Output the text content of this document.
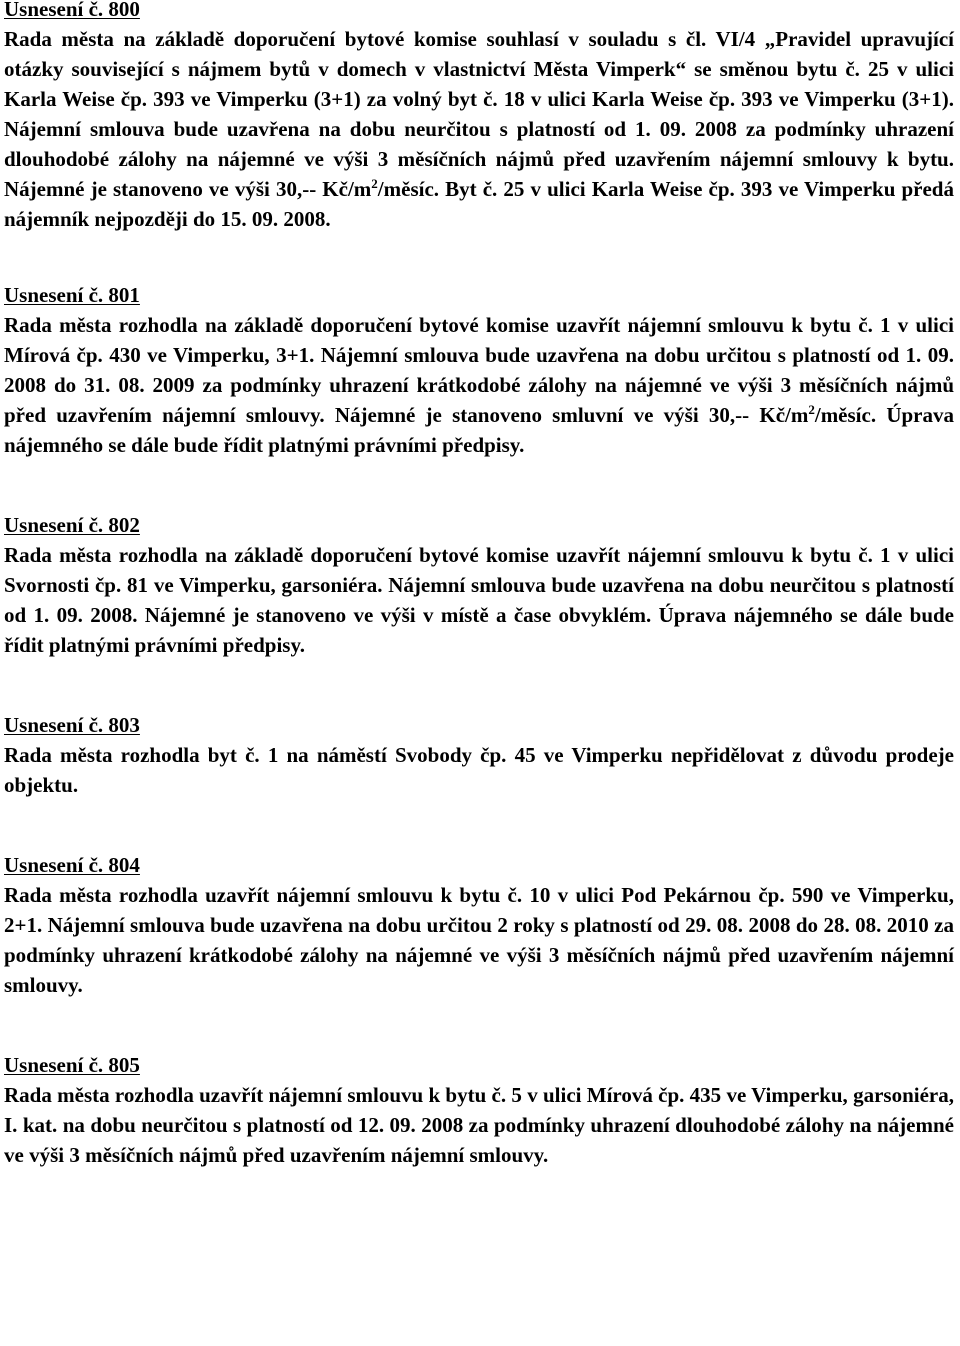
Usnesení č. 800

Rada města na základě doporučení bytové komise souhlasí v souladu s čl. VI/4 „Pravidel upravující otázky související s nájmem bytů v domech v vlastnictví Města Vimperk“ se směnou bytu č. 25 v ulici Karla Weise čp. 393 ve Vimperku (3+1) za volný byt č. 18 v ulici Karla Weise čp. 393 ve Vimperku (3+1). Nájemní smlouva bude uzavřena na dobu neurčitou s platností od 1. 09. 2008 za podmínky uhrazení dlouhodobé zálohy na nájemné ve výši 3 měsíčních nájmů před uzavřením nájemní smlouvy k bytu. Nájemné je stanoveno ve výši 30,-- $Kč/m^2$/měsíc. Byt č. 25 v ulici Karla Weise čp. 393 ve Vimperku předá nájemník nejpozději do 15. 09. 2008.

Usnesení č. 801

Rada města rozhodla na základě doporučení bytové komise uzavřít nájemní smlouvu k bytu č. 1 v ulici Mírová čp. 430 ve Vimperku, 3+1. Nájemní smlouva bude uzavřena na dobu určitou s platností od 1. 09. 2008 do 31. 08. 2009 za podmínky uhrazení krátkodobé zálohy na nájemné ve výši 3 měsíčních nájmů před uzavřením nájemní smlouvy. Nájemné je stanoveno smluvní ve výši 30,-- $Kč/m^2$/měsíc. Úprava nájemného se dále bude řídit platnými právními předpisy.

Usnesení č. 802

Rada města rozhodla na základě doporučení bytové komise uzavřít nájemní smlouvu k bytu č. 1 v ulici Svornosti čp. 81 ve Vimperku, garsoniéra. Nájemní smlouva bude uzavřena na dobu neurčitou s platností od 1. 09. 2008. Nájemné je stanoveno ve výši v místě a čase obvyklém. Úprava nájemného se dále bude řídit platnými právními předpisy.

Usnesení č. 803

Rada města rozhodla byt č. 1 na náměstí Svobody čp. 45 ve Vimperku nepřidělovat z důvodu prodeje objektu.

Usnesení č. 804

Rada města rozhodla uzavřít nájemní smlouvu k bytu č. 10 v ulici Pod Pekárnou čp. 590 ve Vimperku, 2+1. Nájemní smlouva bude uzavřena na dobu určitou 2 roky s platností od 29. 08. 2008 do 28. 08. 2010 za podmínky uhrazení krátkodobé zálohy na nájemné ve výši 3 měsíčních nájmů před uzavřením nájemní smlouvy.

Usnesení č. 805

Rada města rozhodla uzavřít nájemní smlouvu k bytu č. 5 v ulici Mírová čp. 435 ve Vimperku, garsoniéra, I. kat. na dobu neurčitou s platností od 12. 09. 2008 za podmínky uhrazení dlouhodobé zálohy na nájemné ve výši 3 měsíčních nájmů před uzavřením nájemní smlouvy.
